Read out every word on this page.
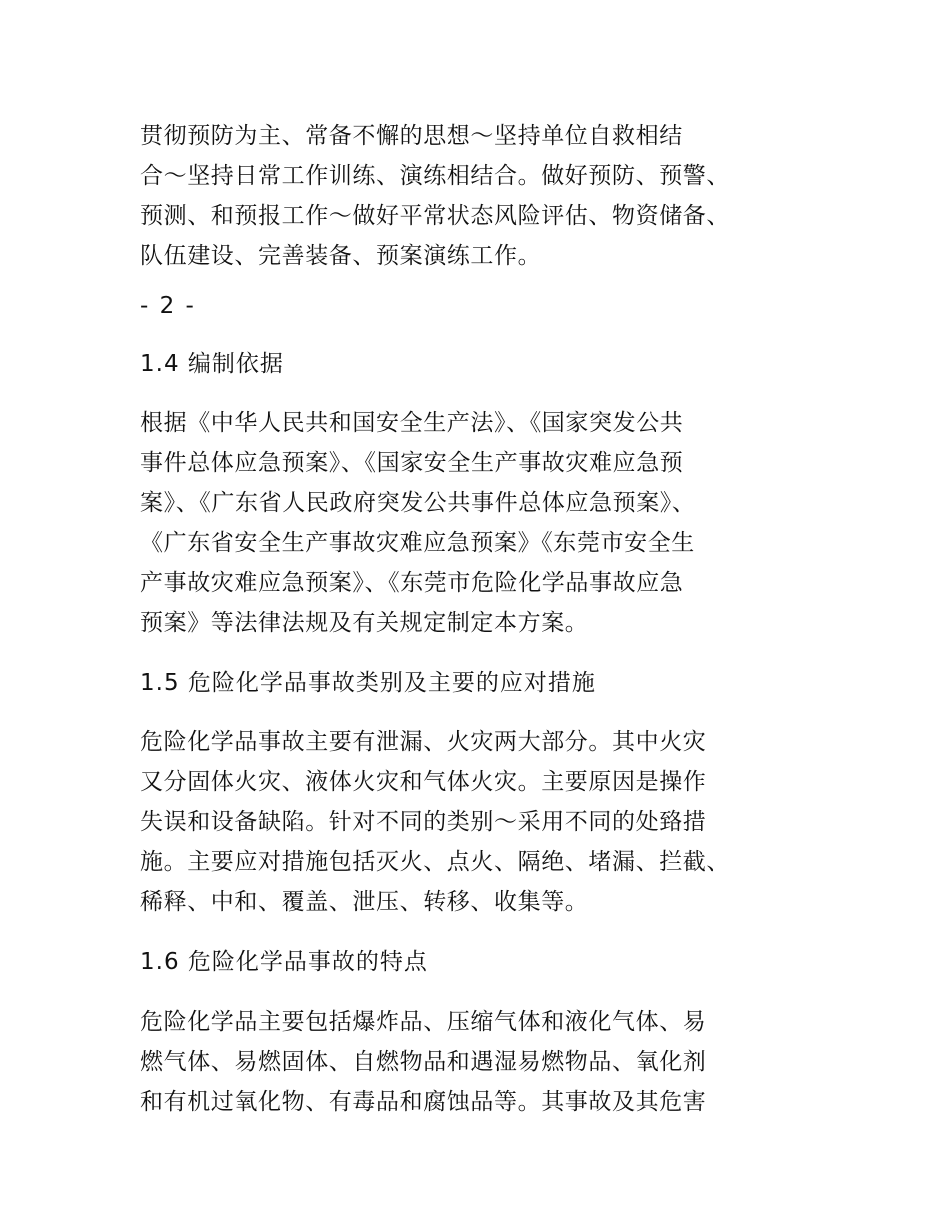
贯彻预防为主、常备不懈的思想～坚持单位自救相结
合～坚持日常工作训练、演练相结合。做好预防、预警、
预测、和预报工作～做好平常状态风险评估、物资储备、
队伍建设、完善装备、预案演练工作。
- 2 -
1.4 编制依据
根据《中华人民共和国安全生产法》、《国家突发公共
事件总体应急预案》、《国家安全生产事故灾难应急预
案》、《广东省人民政府突发公共事件总体应急预案》、
《广东省安全生产事故灾难应急预案》《东莞市安全生
产事故灾难应急预案》、《东莞市危险化学品事故应急
预案》等法律法规及有关规定制定本方案。
1.5 危险化学品事故类别及主要的应对措施
危险化学品事故主要有泄漏、火灾两大部分。其中火灾
又分固体火灾、液体火灾和气体火灾。主要原因是操作
失误和设备缺陷。针对不同的类别～采用不同的处臵措
施。主要应对措施包括灭火、点火、隔绝、堵漏、拦截、
稀释、中和、覆盖、泄压、转移、收集等。
1.6 危险化学品事故的特点
危险化学品主要包括爆炸品、压缩气体和液化气体、易
燃气体、易燃固体、自燃物品和遇湿易燃物品、氧化剂
和有机过氧化物、有毒品和腐蚀品等。其事故及其危害
